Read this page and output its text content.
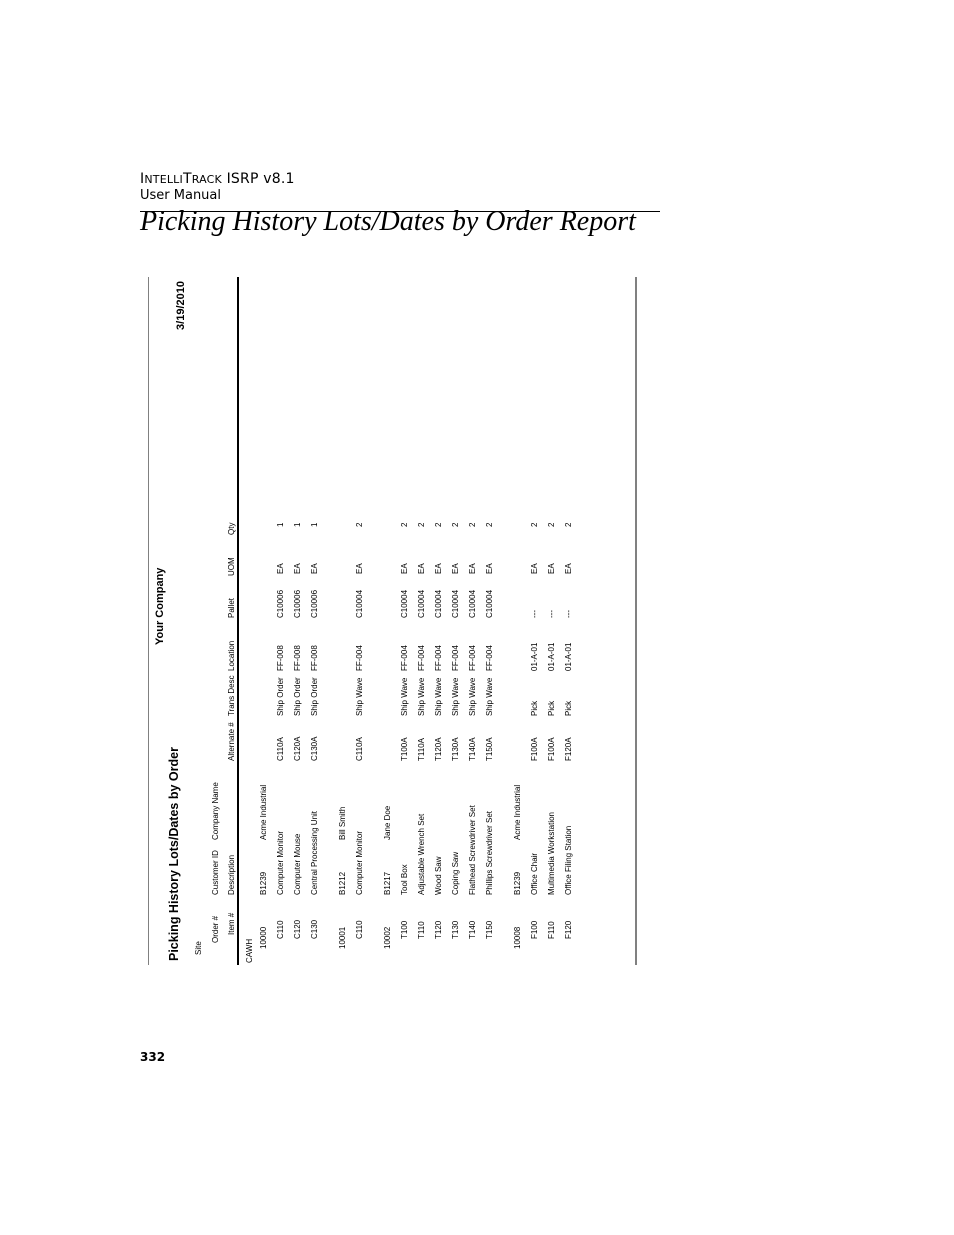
INTELLITRACK ISRP v8.1
User Manual
Picking History Lots/Dates by Order Report
Picking History Lots/Dates by Order
Your Company
3/19/2010
Site
Order # Item #
Customer ID
Company Name
Description
Alternate #
Trans Desc
Location
Pallet
UOM
Qty
CAWH
10000
B1239
Acme Industrial
C110
Computer Monitor
C110A
Ship Order
FF-008
C10006
EA
1
C120
Computer Mouse
C120A
Ship Order
FF-008
C10006
EA
1
C130
Central Processing Unit
C130A
Ship Order
FF-008
C10006
EA
1
10001
B1212
Bill Smith
C110
Computer Monitor
C110A
Ship Wave
FF-004
C10004
EA
2
10002
B1217
Jane Doe
T100
Tool Box
T100A
Ship Wave
FF-004
C10004
EA
2
T110
Adjustable Wrench Set
T110A
Ship Wave
FF-004
C10004
EA
2
T120
Wood Saw
T120A
Ship Wave
FF-004
C10004
EA
2
T130
Coping Saw
T130A
Ship Wave
FF-004
C10004
EA
2
T140
Flathead Screwdriver Set
T140A
Ship Wave
FF-004
C10004
EA
2
T150
Phillips Screwdriver Set
T150A
Ship Wave
FF-004
C10004
EA
2
10008
B1239
Acme Industrial
F100
Office Chair
F100A
Pick
01-A-01
---
EA
2
F110
Multimedia Workstation
F100A
Pick
01-A-01
---
EA
2
F120
Office Filing Station
F120A
Pick
01-A-01
---
EA
2
332
